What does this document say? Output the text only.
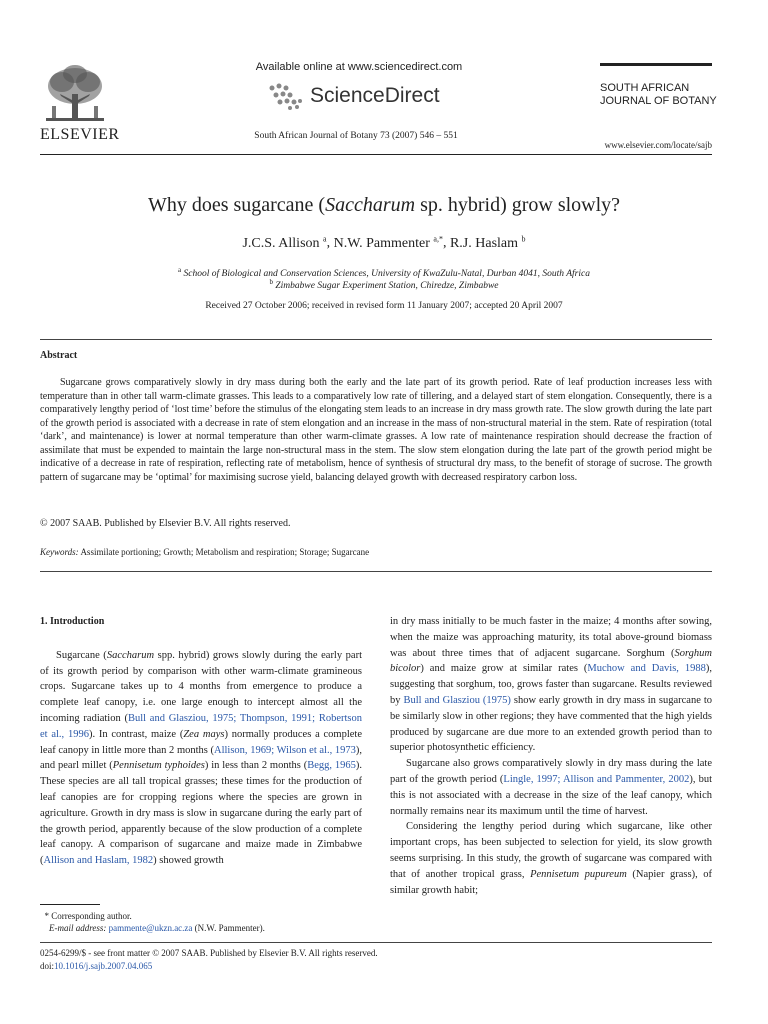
ELSEVIER
Available online at www.sciencedirect.com
ScienceDirect
South African Journal of Botany 73 (2007) 546 – 551
SOUTH AFRICAN
JOURNAL OF BOTANY
www.elsevier.com/locate/sajb
Why does sugarcane (Saccharum sp. hybrid) grow slowly?
J.C.S. Allison $^a$, N.W. Pammenter $^{a,*}$, R.J. Haslam $^b$
$^a$ School of Biological and Conservation Sciences, University of KwaZulu-Natal, Durban 4041, South Africa
$^b$ Zimbabwe Sugar Experiment Station, Chiredze, Zimbabwe
Received 27 October 2006; received in revised form 11 January 2007; accepted 20 April 2007
Abstract

Sugarcane grows comparatively slowly in dry mass during both the early and the late part of its growth period. Rate of leaf production increases less with temperature than in other tall warm-climate grasses. This leads to a comparatively low rate of tillering, and a delayed start of stem elongation. Consequently, there is a comparatively lengthy period of ‘lost time’ before the stimulus of the elongating stem leads to an increase in dry mass growth rate. The slow growth during the late part of the growth period is associated with a decrease in rate of stem elongation and an increase in the mass of non-structural material in the stem. Rate of respiration (total ‘dark’, and maintenance) is lower at normal temperature than other warm-climate grasses. A low rate of maintenance respiration should decrease the fraction of assimilate that must be expended to maintain the large non-structural mass in the stem. The slow stem elongation during the late part of the growth period might be indicative of a decrease in rate of respiration, reflecting rate of metabolism, hence of synthesis of structural dry mass, to the benefit of storage of sucrose. The growth pattern of sugarcane may be ‘optimal’ for maximising sucrose yield, balancing delayed growth with decreased respiratory carbon loss.

© 2007 SAAB. Published by Elsevier B.V. All rights reserved.
Keywords: Assimilate portioning; Growth; Metabolism and respiration; Storage; Sugarcane
1. Introduction

Sugarcane (Saccharum spp. hybrid) grows slowly during the early part of its growth period by comparison with other warm-climate gramineous crops. Sugarcane takes up to 4 months from emergence to produce a complete leaf canopy, i.e. one large enough to intercept almost all the incoming radiation (Bull and Glasziou, 1975; Thompson, 1991; Robertson et al., 1996). In contrast, maize (Zea mays) normally produces a complete leaf canopy in little more than 2 months (Allison, 1969; Wilson et al., 1973), and pearl millet (Pennisetum typhoides) in less than 2 months (Begg, 1965). These species are all tall tropical grasses; these times for the production of leaf canopies are for cropping regions where the species are grown in agriculture. Growth in dry mass is slow in sugarcane during the early part of the growth period, apparently because of the slow production of a complete leaf canopy. A comparison of sugarcane and maize made in Zimbabwe (Allison and Haslam, 1982) showed growth

in dry mass initially to be much faster in the maize; 4 months after sowing, when the maize was approaching maturity, its total above-ground biomass was about three times that of adjacent sugarcane. Sorghum (Sorghum bicolor) and maize grow at similar rates (Muchow and Davis, 1988), suggesting that sorghum, too, grows faster than sugarcane. Results reviewed by Bull and Glasziou (1975) show early growth in dry mass in sugarcane to be similarly slow in other regions; they have commented that the high yields produced by sugarcane are due more to an extended growth period than to superior photosynthetic efficiency.

Sugarcane also grows comparatively slowly in dry mass during the late part of the growth period (Lingle, 1997; Allison and Pammenter, 2002), but this is not associated with a decrease in the size of the leaf canopy, which normally remains near its maximum until the time of harvest.

Considering the lengthy period during which sugarcane, like other important crops, has been subjected to selection for yield, its slow growth seems surprising. In this study, the growth of sugarcane was compared with that of another tropical grass, Pennisetum pupureum (Napier grass), of similar growth habit;

* Corresponding author.
E-mail address: pammente@ukzn.ac.za (N.W. Pammenter).
0254-6299/$ - see front matter © 2007 SAAB. Published by Elsevier B.V. All rights reserved.
doi:10.1016/j.sajb.2007.04.065
